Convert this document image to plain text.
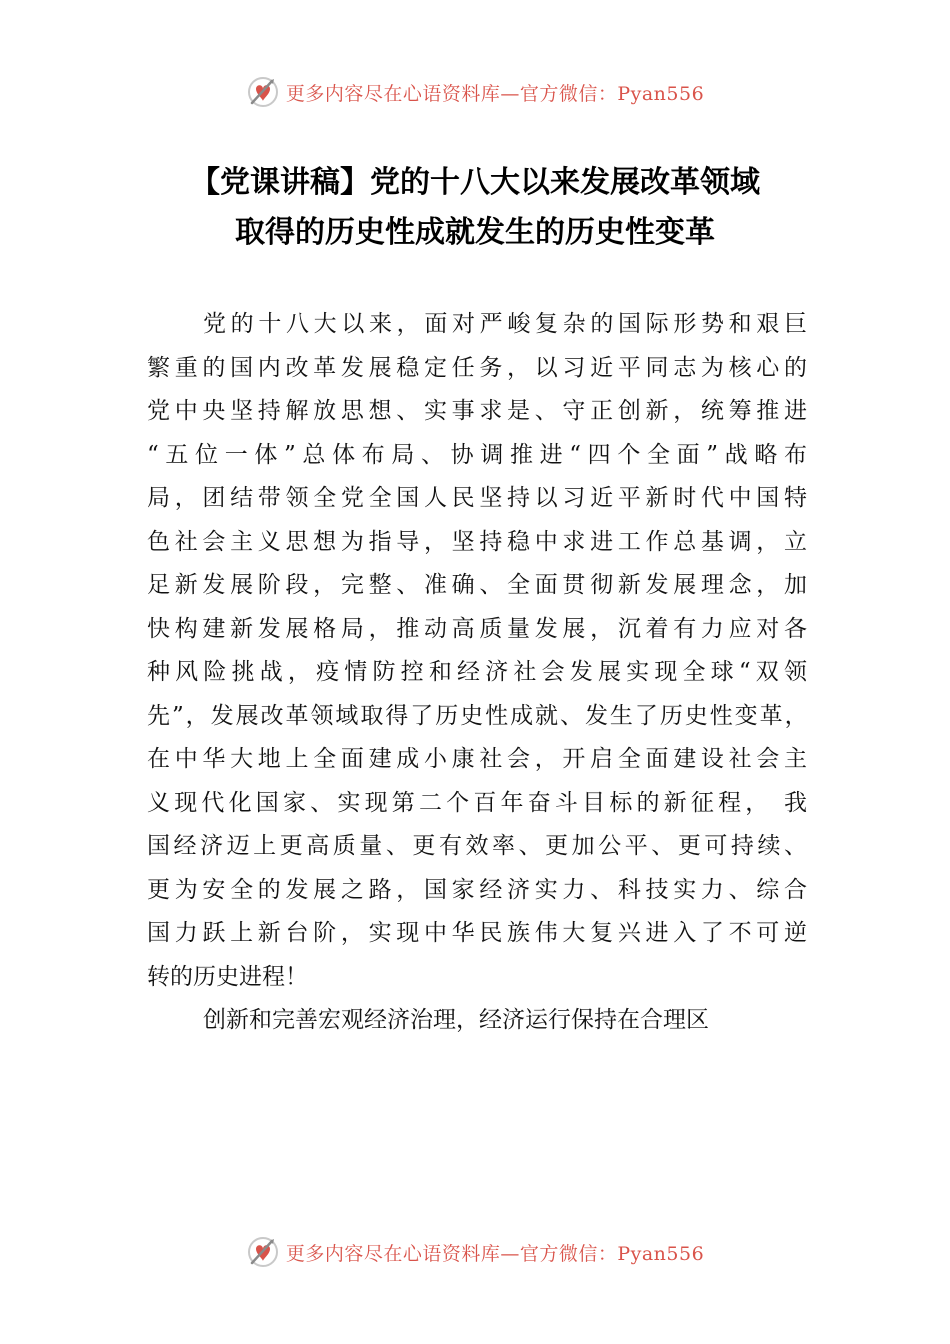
更多内容尽在心语资料库—官方微信：Pyan556
【党课讲稿】党的十八大以来发展改革领域
取得的历史性成就发生的历史性变革
党的十八大以来，面对严峻复杂的国际形势和艰巨
繁重的国内改革发展稳定任务，以习近平同志为核心的
党中央坚持解放思想、实事求是、守正创新，统筹推进
“五位一体”总体布局、协调推进“四个全面”战略布
局，团结带领全党全国人民坚持以习近平新时代中国特
色社会主义思想为指导，坚持稳中求进工作总基调，立
足新发展阶段，完整、准确、全面贯彻新发展理念，加
快构建新发展格局，推动高质量发展，沉着有力应对各
种风险挑战，疫情防控和经济社会发展实现全球“双领
先”，发展改革领域取得了历史性成就、发生了历史性变革，
在中华大地上全面建成小康社会，开启全面建设社会主
义现代化国家、实现第二个百年奋斗目标的新征程， 我
国经济迈上更高质量、更有效率、更加公平、更可持续、
更为安全的发展之路，国家经济实力、科技实力、综合
国力跃上新台阶，实现中华民族伟大复兴进入了不可逆
转的历史进程！
创新和完善宏观经济治理，经济运行保持在合理区
更多内容尽在心语资料库—官方微信：Pyan556
